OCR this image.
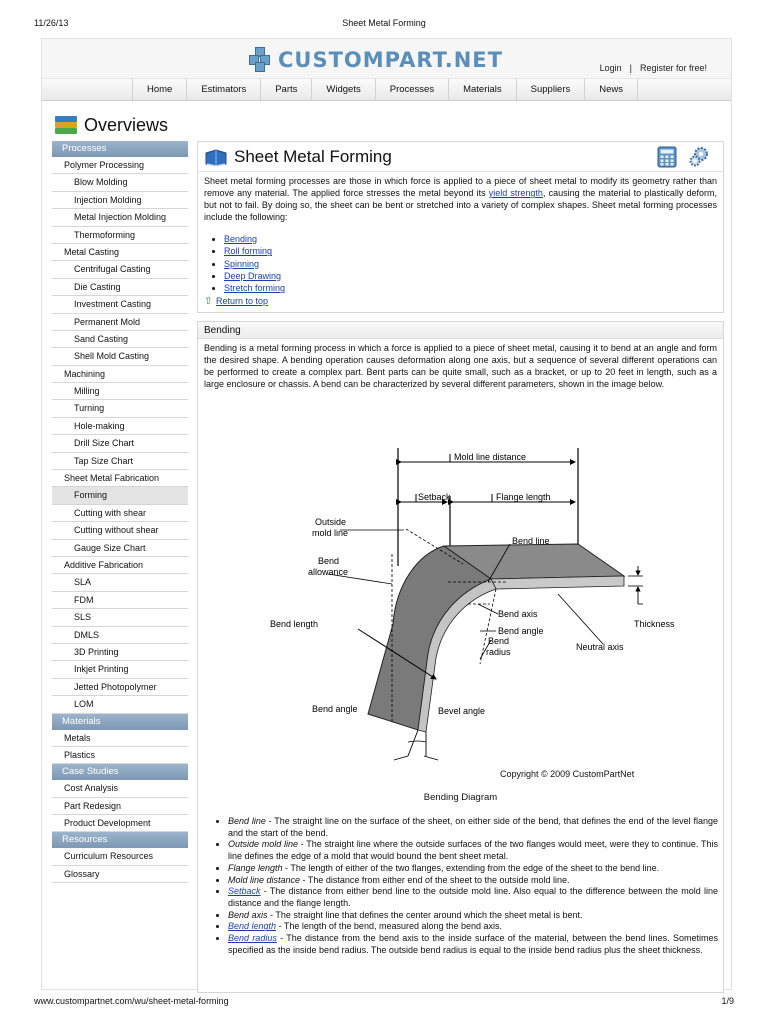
11/26/13	Sheet Metal Forming
CUSTOMPART.NET	Login | Register for free!
Home	Estimators	Parts	Widgets	Processes	Materials	Suppliers	News
Overviews
Processes
Polymer Processing
Blow Molding
Injection Molding
Metal Injection Molding
Thermoforming
Metal Casting
Centrifugal Casting
Die Casting
Investment Casting
Permanent Mold
Sand Casting
Shell Mold Casting
Machining
Milling
Turning
Hole-making
Drill Size Chart
Tap Size Chart
Sheet Metal Fabrication
Forming
Cutting with shear
Cutting without shear
Gauge Size Chart
Additive Fabrication
SLA
FDM
SLS
DMLS
3D Printing
Inkjet Printing
Jetted Photopolymer
LOM
Materials
Metals
Plastics
Case Studies
Cost Analysis
Part Redesign
Product Development
Resources
Curriculum Resources
Glossary
Sheet Metal Forming
Sheet metal forming processes are those in which force is applied to a piece of sheet metal to modify its geometry rather than remove any material. The applied force stresses the metal beyond its yield strength, causing the material to plastically deform, but not to fail. By doing so, the sheet can be bent or stretched into a variety of complex shapes. Sheet metal forming processes include the following:
• Bending
• Roll forming
• Spinning
• Deep Drawing
• Stretch forming
⇧ Return to top
Bending
Bending is a metal forming process in which a force is applied to a piece of sheet metal, causing it to bend at an angle and form the desired shape. A bending operation causes deformation along one axis, but a sequence of several different operations can be performed to create a complex part. Bent parts can be quite small, such as a bracket, or up to 20 feet in length, such as a large enclosure or chassis. A bend can be characterized by several different parameters, shown in the image below.
Mold line distance
Setback	Flange length
Outside
mold line
Bend line
Bend
allowance
Bend axis
Bend angle
Thickness
Bend length
Bend
radius	Neutral axis
Bend angle	Bevel angle
Copyright © 2009 CustomPartNet
Bending Diagram
• Bend line - The straight line on the surface of the sheet, on either side of the bend, that defines the end of the level flange and the start of the bend.
• Outside mold line - The straight line where the outside surfaces of the two flanges would meet, were they to continue. This line defines the edge of a mold that would bound the bent sheet metal.
• Flange length - The length of either of the two flanges, extending from the edge of the sheet to the bend line.
• Mold line distance - The distance from either end of the sheet to the outside mold line.
• Setback - The distance from either bend line to the outside mold line. Also equal to the difference between the mold line distance and the flange length.
• Bend axis - The straight line that defines the center around which the sheet metal is bent.
• Bend length - The length of the bend, measured along the bend axis.
• Bend radius - The distance from the bend axis to the inside surface of the material, between the bend lines. Sometimes specified as the inside bend radius. The outside bend radius is equal to the inside bend radius plus the sheet thickness.
www.custompartnet.com/wu/sheet-metal-forming	1/9
